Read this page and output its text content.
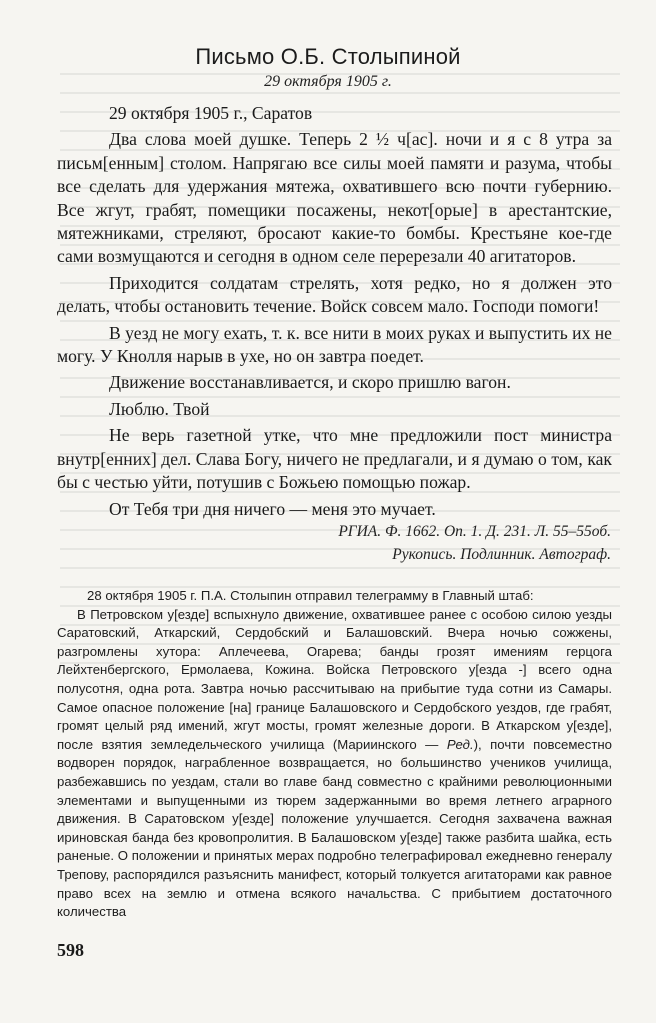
Письмо О.Б. Столыпиной
29 октября 1905 г.

29 октября 1905 г., Саратов

Два слова моей душке. Теперь 2 ½ ч[ас]. ночи и я с 8 утра за письм[енным] столом. Напрягаю все силы моей памяти и разума, чтобы все сделать для удержания мятежа, охватившего всю почти губернию. Все жгут, грабят, помещики посажены, некот[орые] в арестантские, мятежниками, стреляют, бросают какие-то бомбы. Крестьяне кое-где сами возмущаются и сегодня в одном селе перерезали 40 агитаторов.

Приходится солдатам стрелять, хотя редко, но я должен это делать, чтобы остановить течение. Войск совсем мало. Господи помоги!

В уезд не могу ехать, т. к. все нити в моих руках и выпустить их не могу. У Кнолля нарыв в ухе, но он завтра поедет.

Движение восстанавливается, и скоро пришлю вагон.

Люблю. Твой

Не верь газетной утке, что мне предложили пост министра внутр[енних] дел. Слава Богу, ничего не предлагали, и я думаю о том, как бы с честью уйти, потушив с Божьею помощью пожар.

От Тебя три дня ничего — меня это мучает.

РГИА. Ф. 1662. Оп. 1. Д. 231. Л. 55–55об.
Рукопись. Подлинник. Автограф.

28 октября 1905 г. П.А. Столыпин отправил телеграмму в Главный штаб:

В Петровском у[езде] вспыхнуло движение, охватившее ранее с особою силою уезды Саратовский, Аткарский, Сердобский и Балашовский. Вчера ночью сожжены, разгромлены хутора: Аплечеева, Огарева; банды грозят имениям герцога Лейхтенбергского, Ермолаева, Кожина. Войска Петровского у[езда -] всего одна полусотня, одна рота. Завтра ночью рассчитываю на прибытие туда сотни из Самары. Самое опасное положение [на] границе Балашовского и Сердобского уездов, где грабят, громят целый ряд имений, жгут мосты, громят железные дороги. В Аткарском у[езде], после взятия земледельческого училища (Мариинского — Ред.), почти повсеместно водворен порядок, награбленное возвращается, но большинство учеников училища, разбежавшись по уездам, стали во главе банд совместно с крайними революционными элементами и выпущенными из тюрем задержанными во время летнего аграрного движения. В Саратовском у[езде] положение улучшается. Сегодня захвачена важная ириновская банда без кровопролития. В Балашовском у[езде] также разбита шайка, есть раненые. О положении и принятых мерах подробно телеграфировал ежедневно генералу Трепову, распорядился разъяснить манифест, который толкуется агитаторами как равное право всех на землю и отмена всякого начальства. С прибытием достаточного количества

598
